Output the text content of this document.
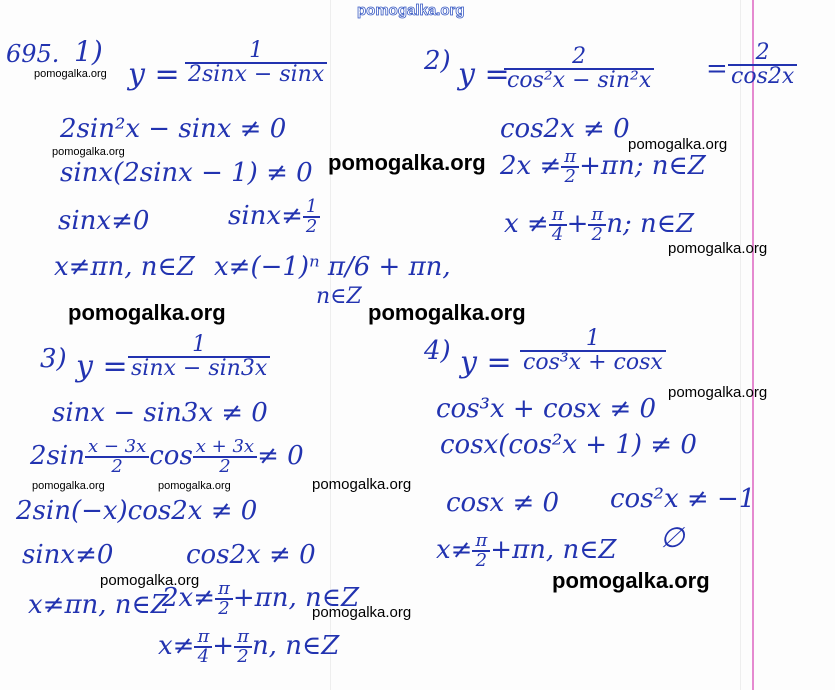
pomogalka.org
695. 1)
$y = \frac{1}{2\sin x - \sin x}$
2sin²x − sinx ≠ 0
sinx(2sinx − 1) ≠ 0
sinx≠0	$\sin x\ne \frac{1}{2}$
x≠πn, n∈Z x≠(−1)ⁿ π/6 + πn,
n∈Z
2) y =
$\frac{2}{\text{cos²x − sin²x}} = \frac{2}{\cos 2x}$
cos2x ≠ 0
$2x \ne \frac{\pi}{2} +\pi n$; n∈Z
$x \ne \frac{\pi}{4} + \frac{\pi}{2} n$; n∈Z
3) $y = \frac{1}{\sin x - \sin 3x}$
sinx − sin3x ≠ 0
$2\sin \frac{x - 3x}{2}$ $\cos \frac{x + 3x}{2} \ne 0$
2sin(−x)cos2x ≠ 0
sinx≠0	cos2x ≠ 0
x≠πn, n∈Z
$2x\ne \frac{\pi}{2} +\pi n$, n∈Z
$x\ne \frac{\pi}{4} + \frac{\pi}{2} n$, n∈Z
4) $y = \frac{1}{\text{cos³x + cosx}}$
cos³x + cosx ≠ 0
cosx(cos²x + 1) ≠ 0
cosx ≠ 0 cos²x ≠ −1
∅
$x\ne \frac{\pi}{2} +\pi n$, n∈Z
pomogalka.org
pomogalka.org	pomogalka.org
pomogalka.org
pomogalka.org
pomogalka.org	pomogalka.org
pomogalka.org
pomogalka.org	pomogalka.org	pomogalka.org
pomogalka.org
pomogalka.org
pomogalka.org
